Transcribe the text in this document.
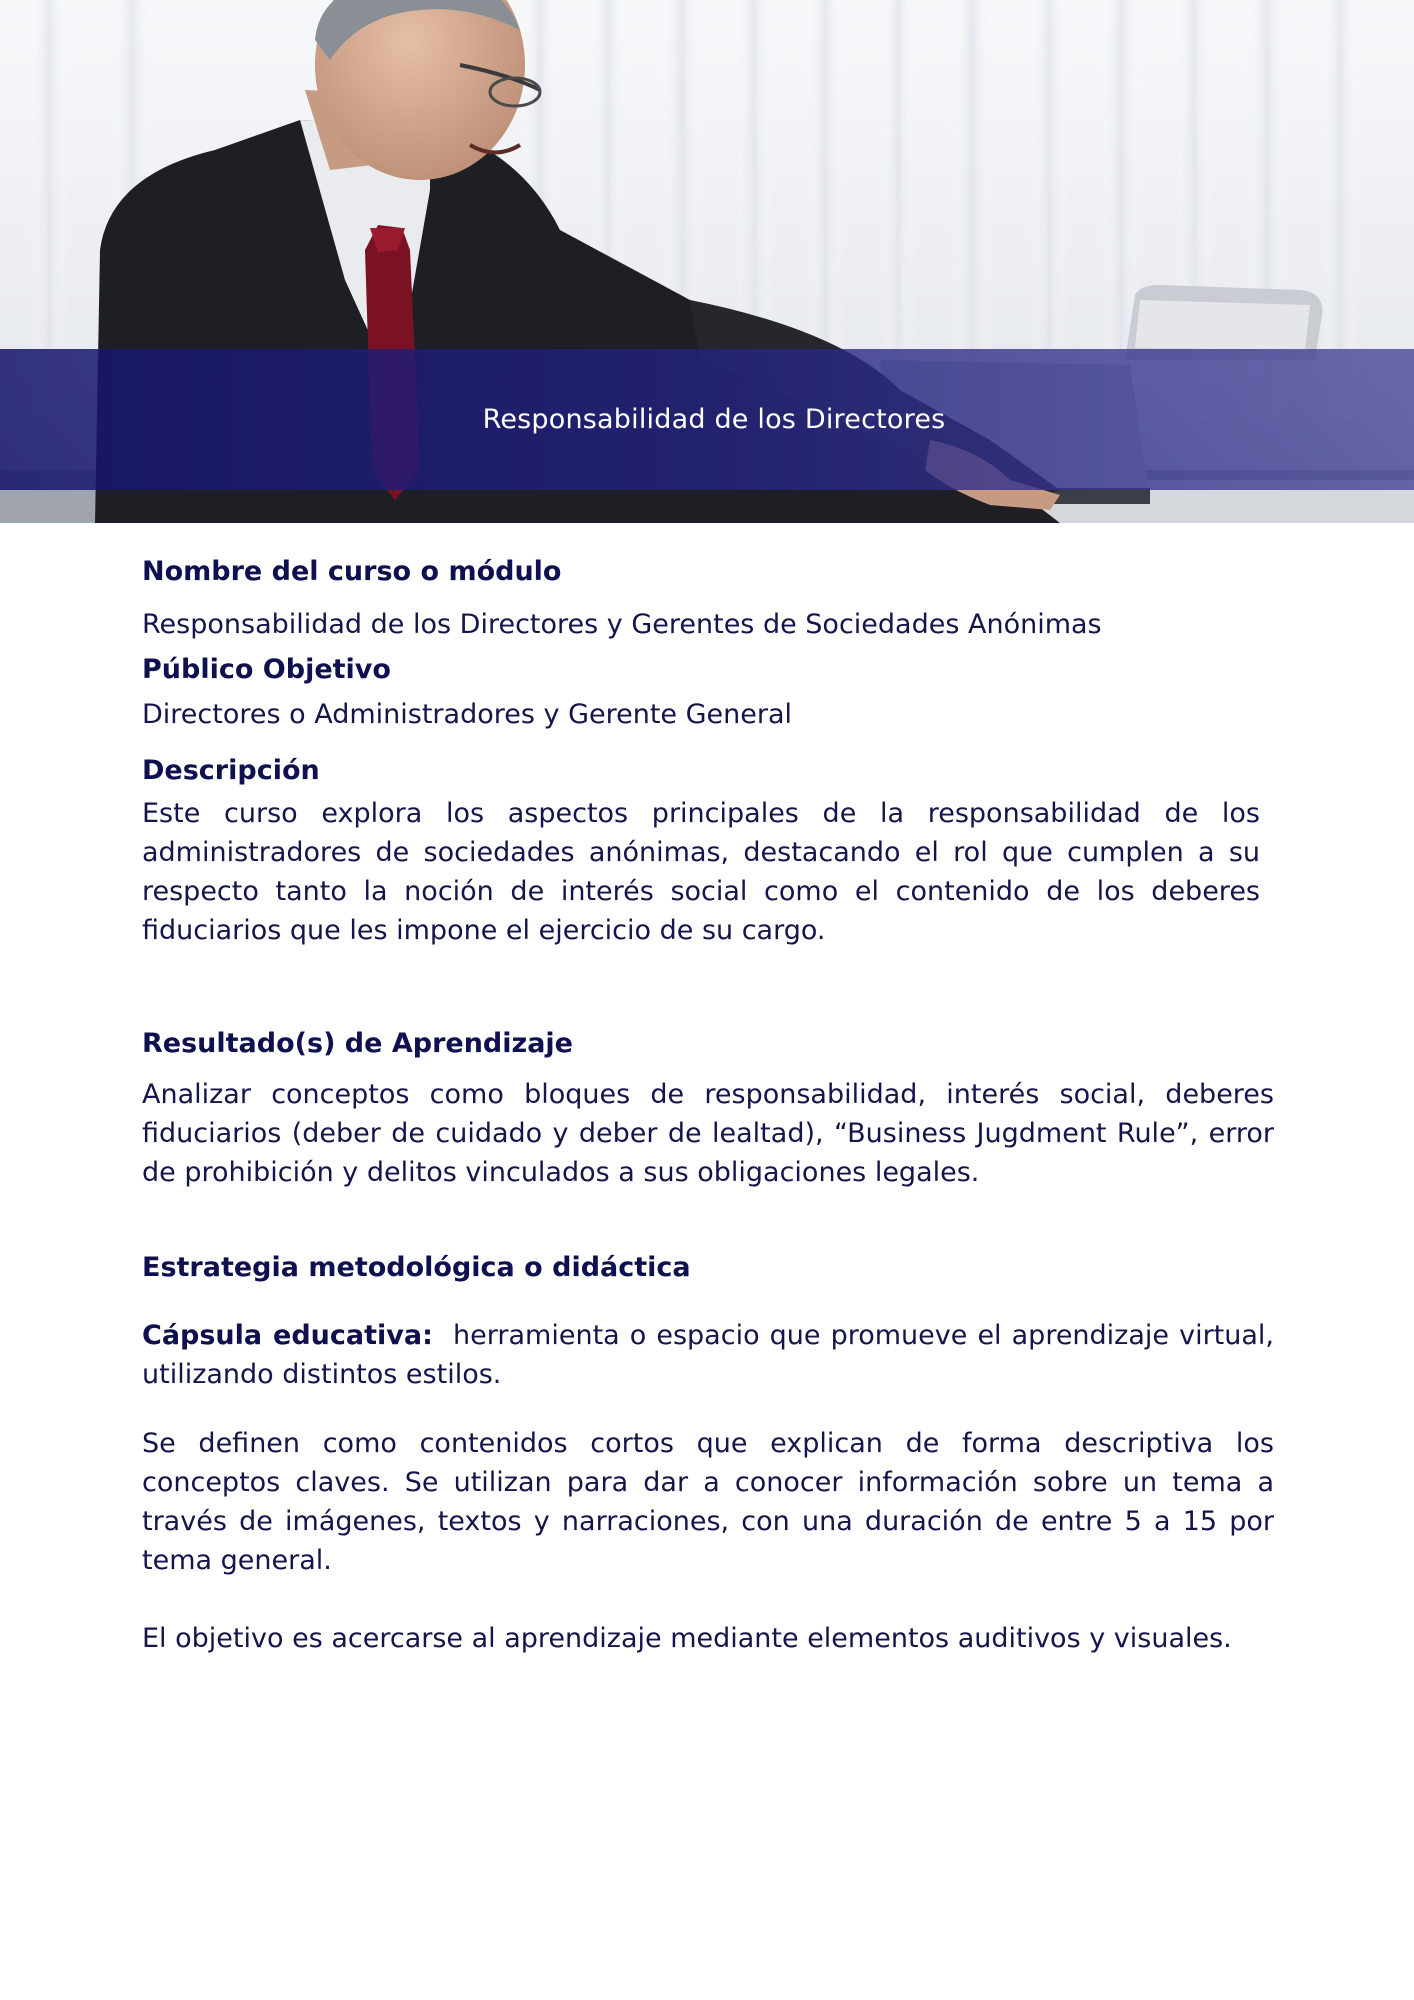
Responsabilidad de los Directores

Nombre del curso o módulo

Responsabilidad de los Directores y Gerentes de Sociedades Anónimas

Público Objetivo

Directores o Administradores y Gerente General

Descripción

Este curso explora los aspectos principales de la responsabilidad de los administradores de sociedades anónimas, destacando el rol que cumplen a su respecto tanto la noción de interés social como el contenido de los deberes fiduciarios que les impone el ejercicio de su cargo.

Resultado(s) de Aprendizaje

Analizar conceptos como bloques de responsabilidad, interés social, deberes fiduciarios (deber de cuidado y deber de lealtad), “Business Jugdment Rule”, error de prohibición y delitos vinculados a sus obligaciones legales.

Estrategia metodológica o didáctica

Cápsula educativa: herramienta o espacio que promueve el aprendizaje virtual, utilizando distintos estilos.

Se definen como contenidos cortos que explican de forma descriptiva los conceptos claves. Se utilizan para dar a conocer información sobre un tema a través de imágenes, textos y narraciones, con una duración de entre 5 a 15 por tema general.

El objetivo es acercarse al aprendizaje mediante elementos auditivos y visuales.
